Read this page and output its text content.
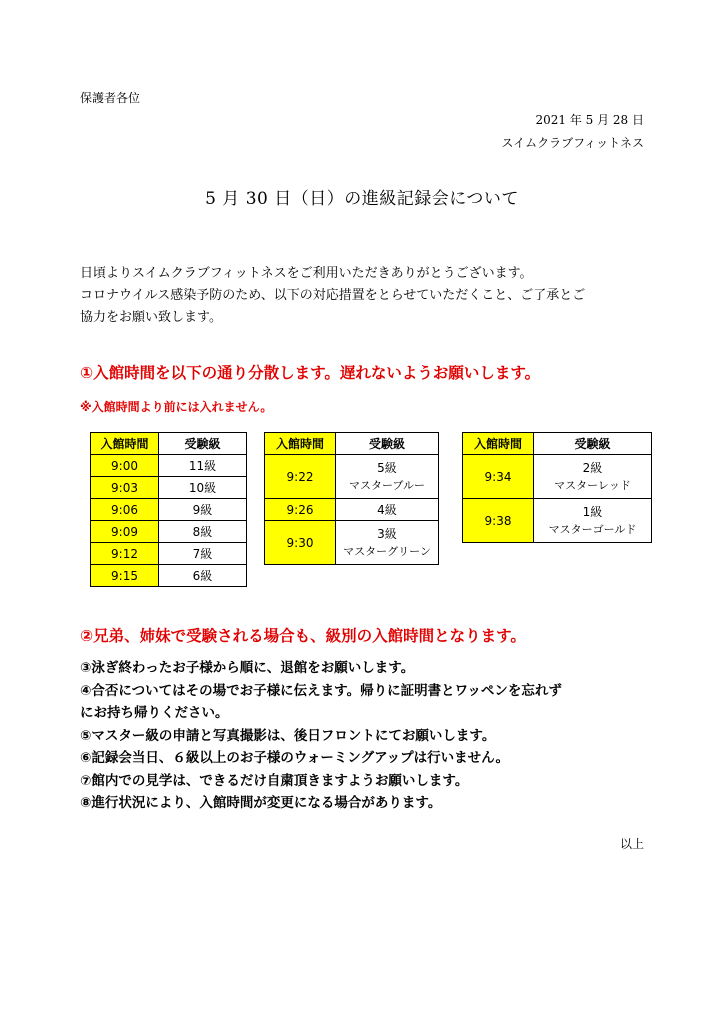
保護者各位
2021 年 5 月 28 日
スイムクラブフィットネス
5 月 30 日（日）の進級記録会について
日頃よりスイムクラブフィットネスをご利用いただきありがとうございます。
コロナウイルス感染予防のため、以下の対応措置をとらせていただくこと、ご了承とご
協力をお願い致します。
①入館時間を以下の通り分散します。遅れないようお願いします。
※入館時間より前には入れません。
入館時間	受験級
9:00	11級
9:03	10級
9:06	9級
9:09	8級
9:12	7級
9:15	6級
入館時間	受験級
9:22	5級
マスターブルー

9:26	4級
9:30	3級
マスターグリーン
入館時間	受験級
9:34	2級
マスターレッド

9:38	1級
マスターゴールド
②兄弟、姉妹で受験される場合も、級別の入館時間となります。
③泳ぎ終わったお子様から順に、退館をお願いします。
④合否についてはその場でお子様に伝えます。帰りに証明書とワッペンを忘れず
にお持ち帰りください。
⑤マスター級の申請と写真撮影は、後日フロントにてお願いします。
⑥記録会当日、６級以上のお子様のウォーミングアップは行いません。
⑦館内での見学は、できるだけ自粛頂きますようお願いします。
⑧進行状況により、入館時間が変更になる場合があります。
以上
